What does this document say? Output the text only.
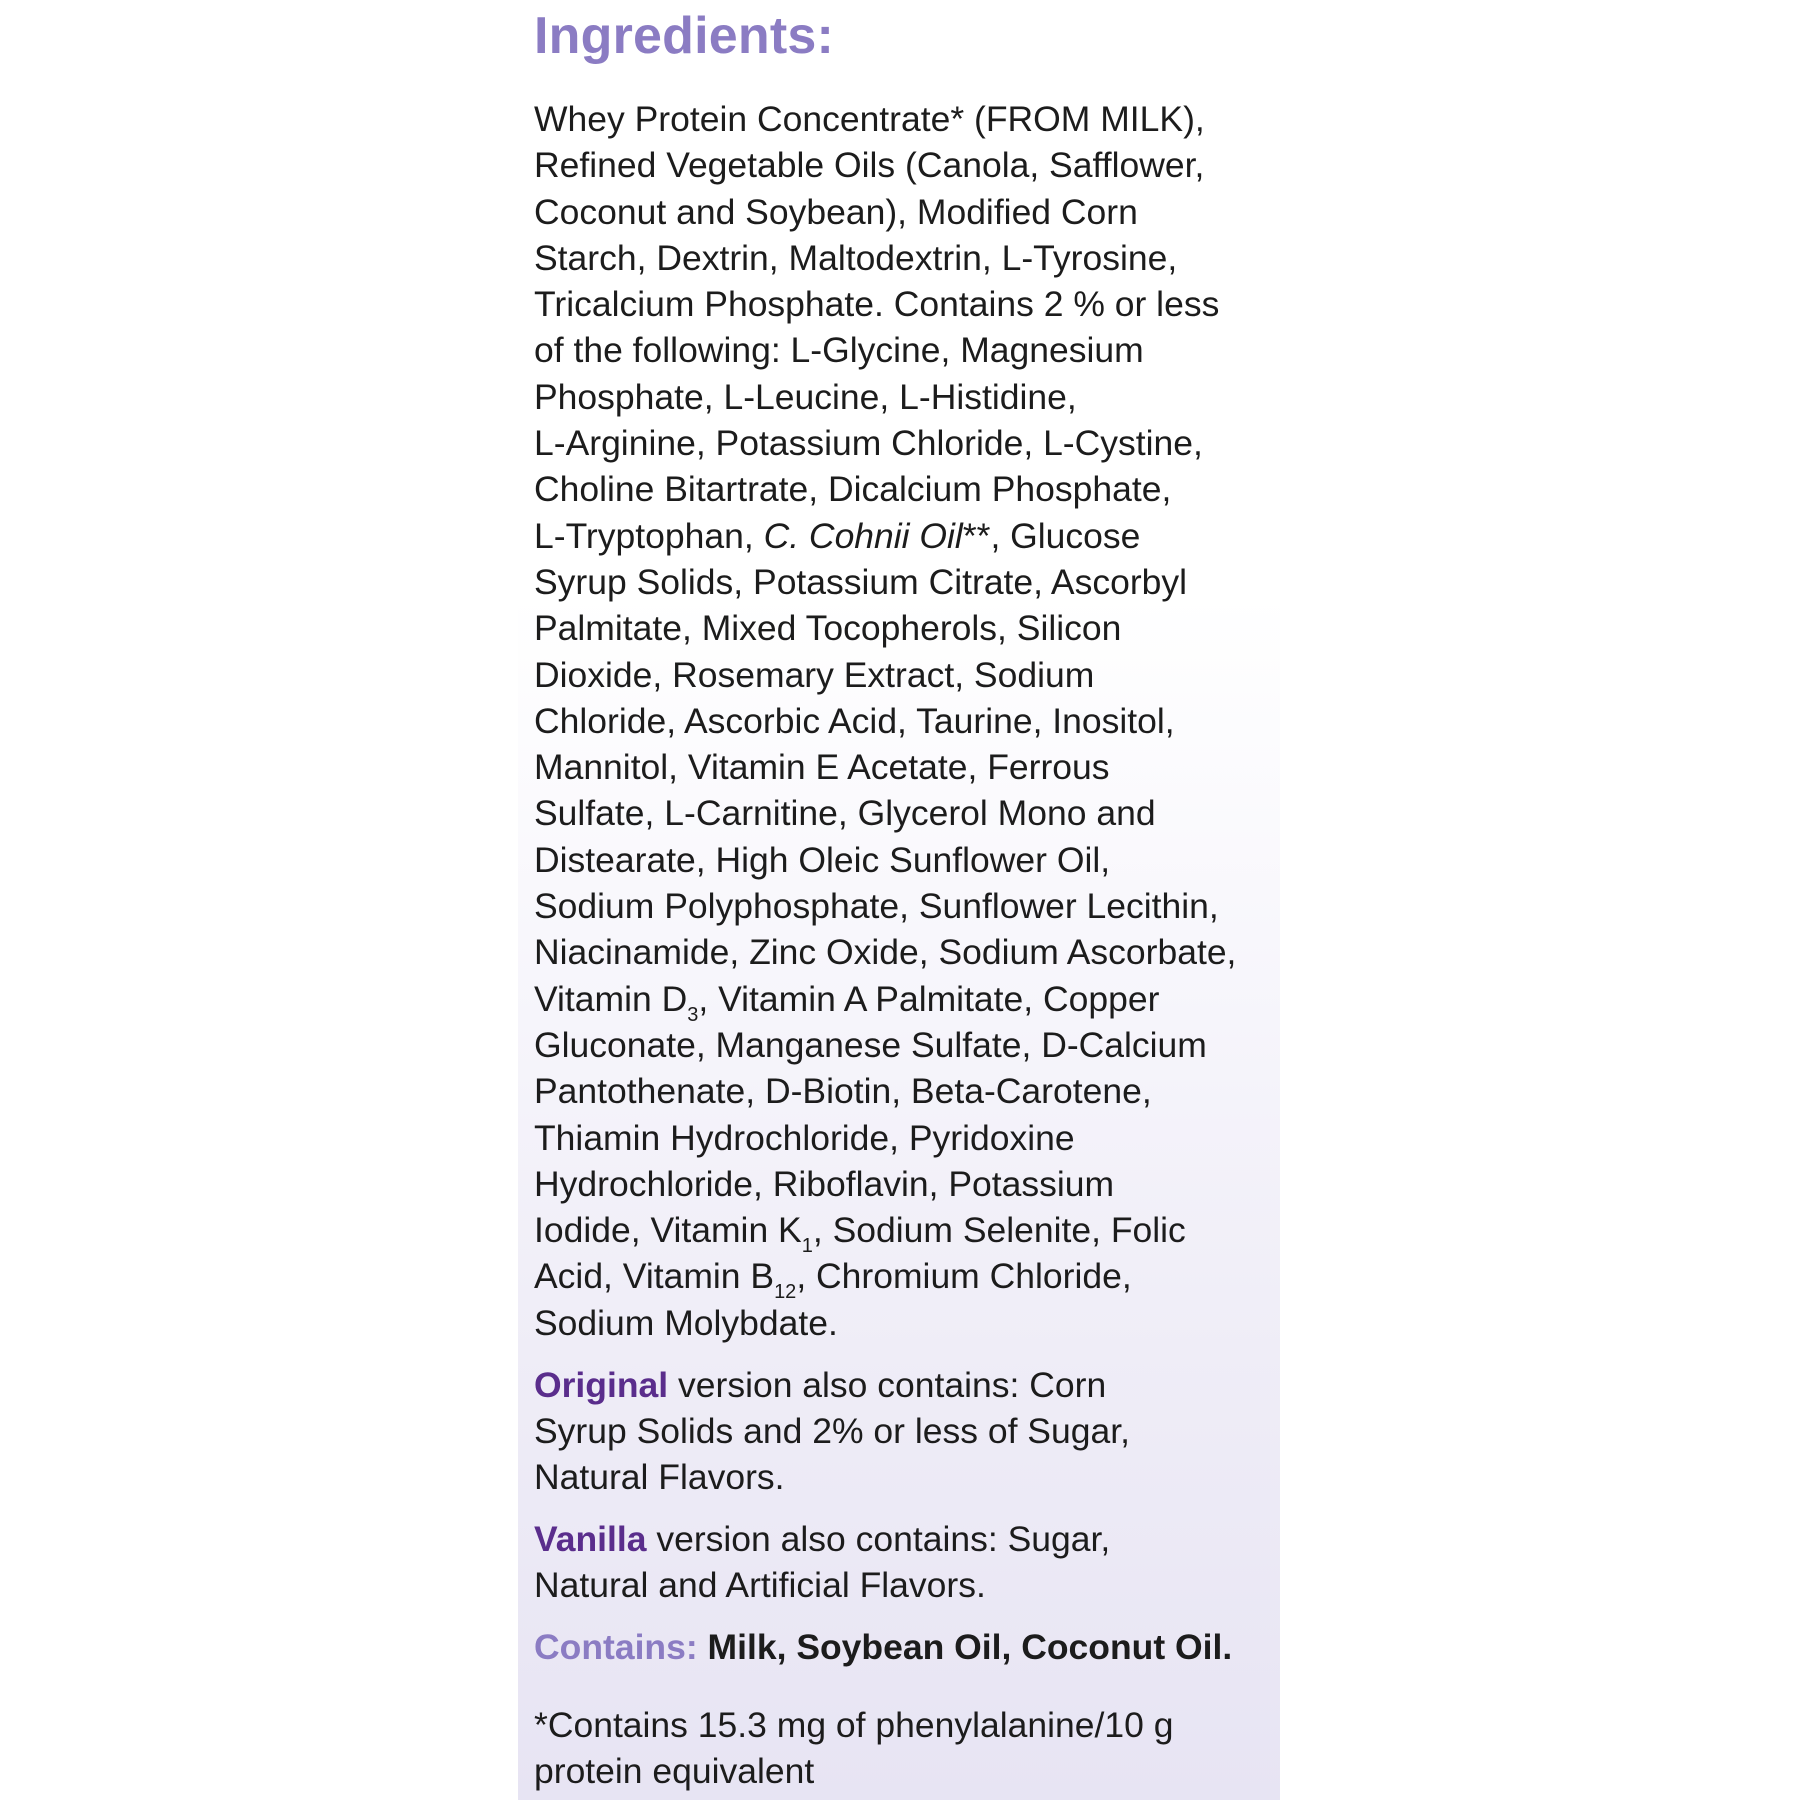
Ingredients:
Whey Protein Concentrate* (FROM MILK),
Refined Vegetable Oils (Canola, Safflower,
Coconut and Soybean), Modified Corn
Starch, Dextrin, Maltodextrin, L-Tyrosine,
Tricalcium Phosphate. Contains 2 % or less
of the following: L-Glycine, Magnesium
Phosphate, L-Leucine, L-Histidine,
L-Arginine, Potassium Chloride, L-Cystine,
Choline Bitartrate, Dicalcium Phosphate,
L-Tryptophan, C. Cohnii Oil**, Glucose
Syrup Solids, Potassium Citrate, Ascorbyl
Palmitate, Mixed Tocopherols, Silicon
Dioxide, Rosemary Extract, Sodium
Chloride, Ascorbic Acid, Taurine, Inositol,
Mannitol, Vitamin E Acetate, Ferrous
Sulfate, L-Carnitine, Glycerol Mono and
Distearate, High Oleic Sunflower Oil,
Sodium Polyphosphate, Sunflower Lecithin,
Niacinamide, Zinc Oxide, Sodium Ascorbate,
Vitamin $D_3$, Vitamin A Palmitate, Copper
Gluconate, Manganese Sulfate, D-Calcium
Pantothenate, D-Biotin, Beta-Carotene,
Thiamin Hydrochloride, Pyridoxine
Hydrochloride, Riboflavin, Potassium
Iodide, Vitamin $K_1$, Sodium Selenite, Folic
Acid, Vitamin $B_{12}$, Chromium Chloride,
Sodium Molybdate.
Original version also contains: Corn
Syrup Solids and 2% or less of Sugar,
Natural Flavors.
Vanilla version also contains: Sugar,
Natural and Artificial Flavors.
Contains: Milk, Soybean Oil, Coconut Oil.
*Contains 15.3 mg of phenylalanine/10 g
protein equivalent
